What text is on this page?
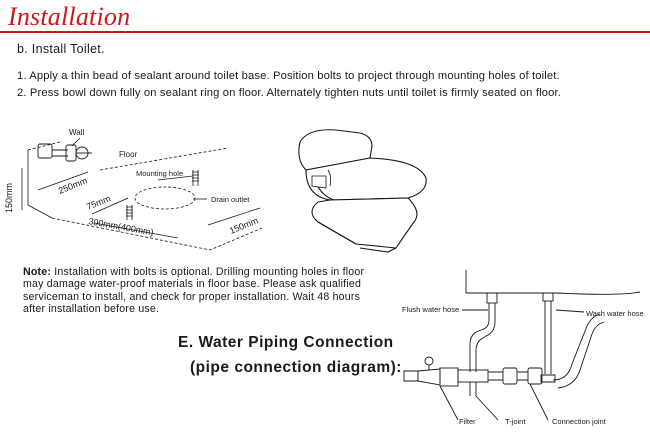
Installation
b. Install Toilet.
1. Apply a thin bead of sealant around toilet base. Position bolts to project through mounting holes of toilet.
2. Press bowl down fully on sealant ring on floor. Alternately tighten nuts until toilet is firmly seated on floor.
Wall
Floor
Mounting hole
Drain outlet
150mm	250mm
75mm
300mm(400mm)	150mm
Flush water hose	Wash water hose
Filter	T-joint	Connection joint
Note: Installation with bolts is optional. Drilling mounting holes in floor may damage water-proof materials in floor base. Please ask qualified serviceman to install, and check for proper installation. Wait 48 hours after installation before use.
E. Water Piping Connection
(pipe connection diagram):
